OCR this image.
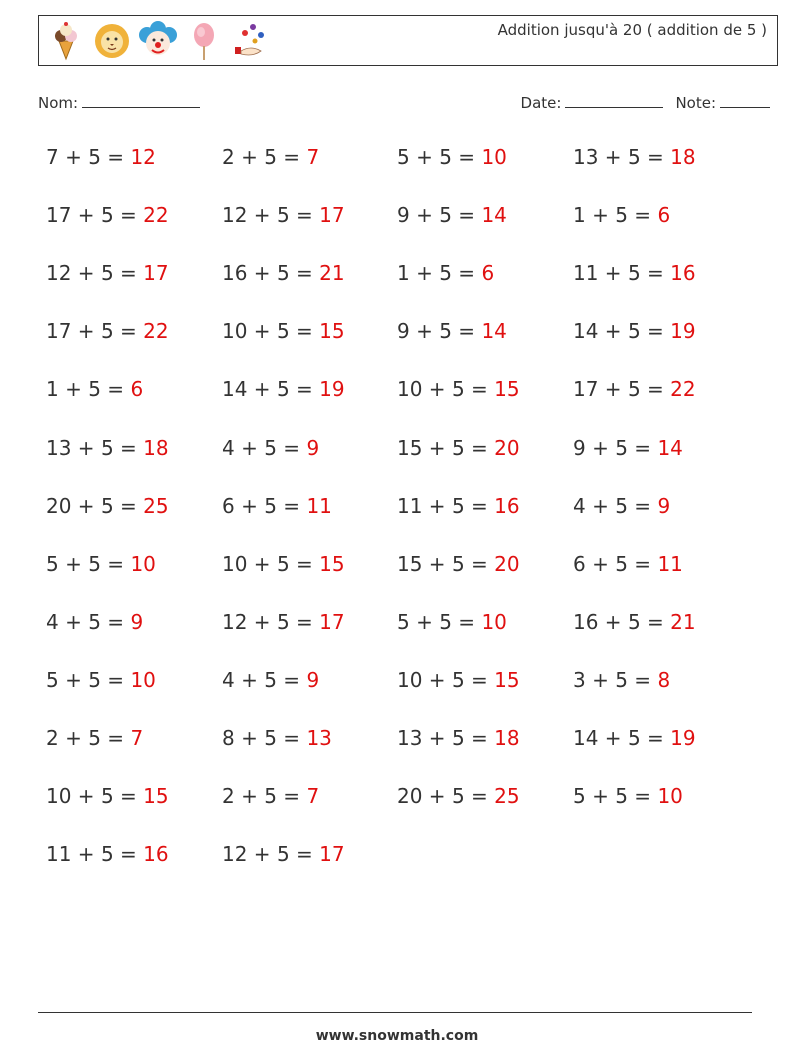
Addition jusqu'à 20 ( addition de 5 )
Nom:	Date:	Note:
7 + 5 = 12	2 + 5 = 7	5 + 5 = 10	13 + 5 = 18
17 + 5 = 22	12 + 5 = 17	9 + 5 = 14	1 + 5 = 6
12 + 5 = 17	16 + 5 = 21	1 + 5 = 6	11 + 5 = 16
17 + 5 = 22	10 + 5 = 15	9 + 5 = 14	14 + 5 = 19
1 + 5 = 6	14 + 5 = 19	10 + 5 = 15	17 + 5 = 22
13 + 5 = 18	4 + 5 = 9	15 + 5 = 20	9 + 5 = 14
20 + 5 = 25	6 + 5 = 11	11 + 5 = 16	4 + 5 = 9
5 + 5 = 10	10 + 5 = 15	15 + 5 = 20	6 + 5 = 11
4 + 5 = 9	12 + 5 = 17	5 + 5 = 10	16 + 5 = 21
5 + 5 = 10	4 + 5 = 9	10 + 5 = 15	3 + 5 = 8
2 + 5 = 7	8 + 5 = 13	13 + 5 = 18	14 + 5 = 19
10 + 5 = 15	2 + 5 = 7	20 + 5 = 25	5 + 5 = 10
11 + 5 = 16	12 + 5 = 17
www.snowmath.com
